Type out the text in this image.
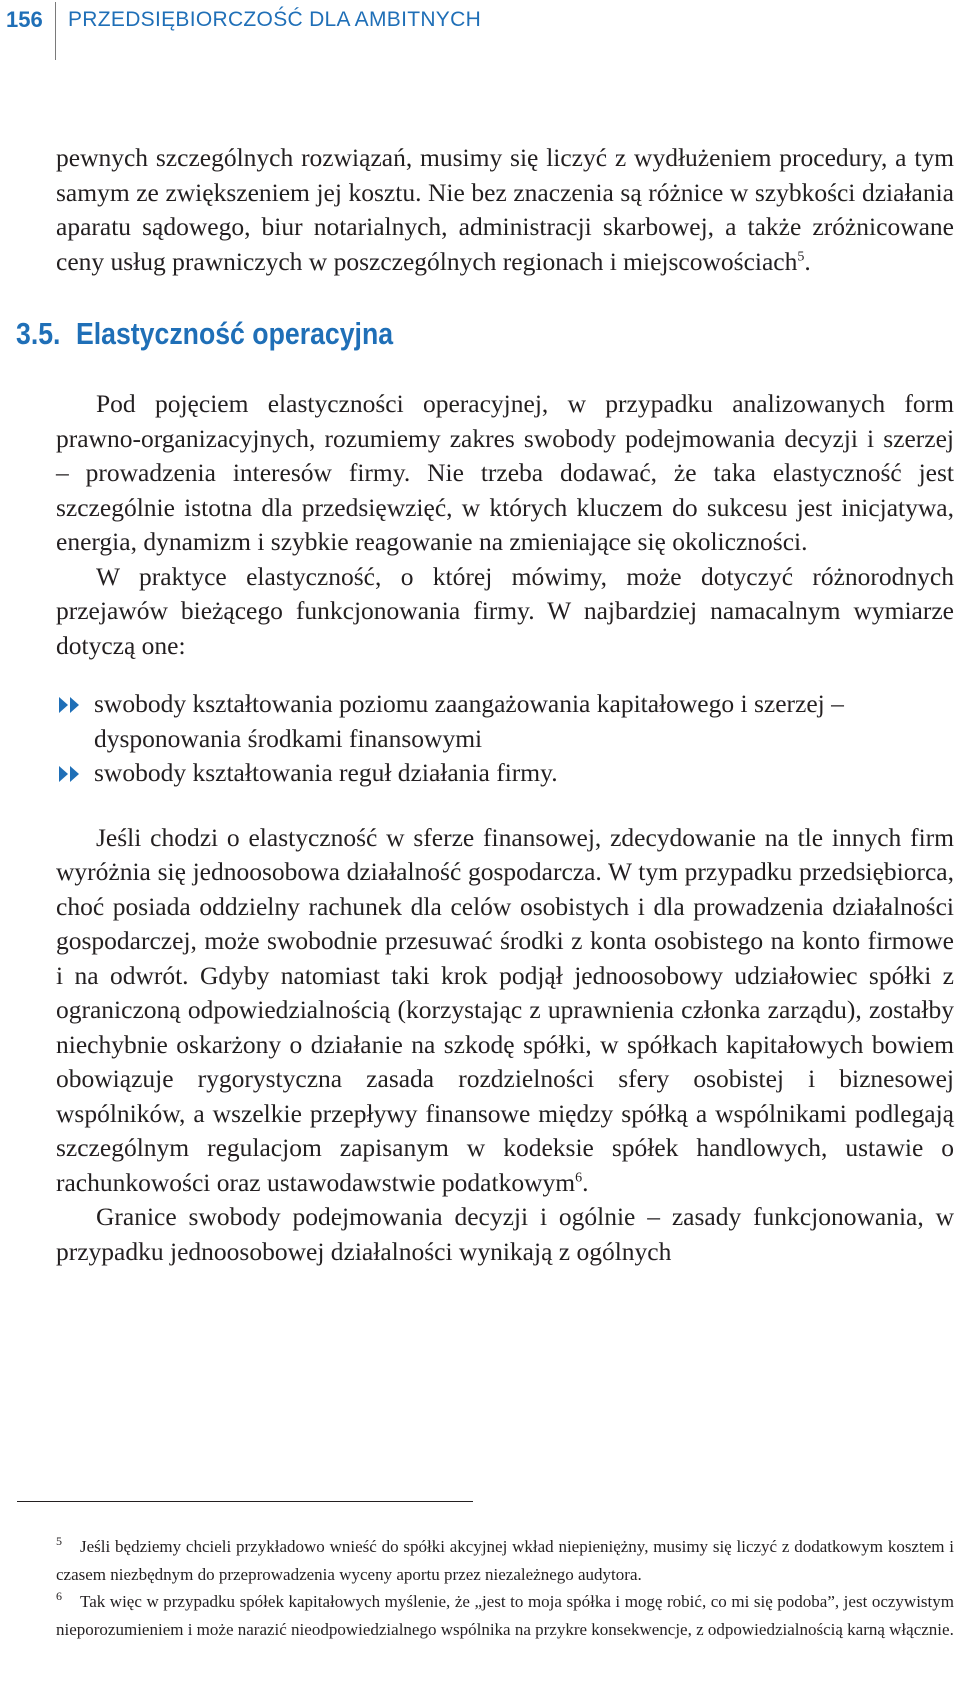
156 PRZEDSIĘBIORCZOŚĆ DLA AMBITNYCH

pewnych szczególnych rozwiązań, musimy się liczyć z wydłużeniem procedury, a tym samym ze zwiększeniem jej kosztu. Nie bez znaczenia są różnice w szybkości działania aparatu sądowego, biur notarialnych, administracji skarbowej, a także zróżnicowane ceny usług prawniczych w poszczególnych regionach i miejscowościach$^5$.

3.5. Elastyczność operacyjna

Pod pojęciem elastyczności operacyjnej, w przypadku analizowanych form prawno-organizacyjnych, rozumiemy zakres swobody podejmowania decyzji i szerzej – prowadzenia interesów firmy. Nie trzeba dodawać, że taka elastyczność jest szczególnie istotna dla przedsięwzięć, w których kluczem do sukcesu jest inicjatywa, energia, dynamizm i szybkie reagowanie na zmieniające się okoliczności.

W praktyce elastyczność, o której mówimy, może dotyczyć różnorodnych przejawów bieżącego funkcjonowania firmy. W najbardziej namacalnym wymiarze dotyczą one:

swobody kształtowania poziomu zaangażowania kapitałowego i szerzej – dysponowania środkami finansowymi
swobody kształtowania reguł działania firmy.

Jeśli chodzi o elastyczność w sferze finansowej, zdecydowanie na tle innych firm wyróżnia się jednoosobowa działalność gospodarcza. W tym przypadku przedsiębiorca, choć posiada oddzielny rachunek dla celów osobistych i dla prowadzenia działalności gospodarczej, może swobodnie przesuwać środki z konta osobistego na konto firmowe i na odwrót. Gdyby natomiast taki krok podjął jednoosobowy udziałowiec spółki z ograniczoną odpowiedzialnością (korzystając z uprawnienia członka zarządu), zostałby niechybnie oskarżony o działanie na szkodę spółki, w spółkach kapitałowych bowiem obowiązuje rygorystyczna zasada rozdzielności sfery osobistej i biznesowej wspólników, a wszelkie przepływy finansowe między spółką a wspólnikami podlegają szczególnym regulacjom zapisanym w kodeksie spółek handlowych, ustawie o rachunkowości oraz ustawodawstwie podatkowym$^6$.

Granice swobody podejmowania decyzji i ogólnie – zasady funkcjonowania, w przypadku jednoosobowej działalności wynikają z ogólnych

5 Jeśli będziemy chcieli przykładowo wnieść do spółki akcyjnej wkład niepieniężny, musimy się liczyć z dodatkowym kosztem i czasem niezbędnym do przeprowadzenia wyceny aportu przez niezależnego audytora.
6 Tak więc w przypadku spółek kapitałowych myślenie, że „jest to moja spółka i mogę robić, co mi się podoba”, jest oczywistym nieporozumieniem i może narazić nieodpowiedzialnego wspólnika na przykre konsekwencje, z odpowiedzialnością karną włącznie.
